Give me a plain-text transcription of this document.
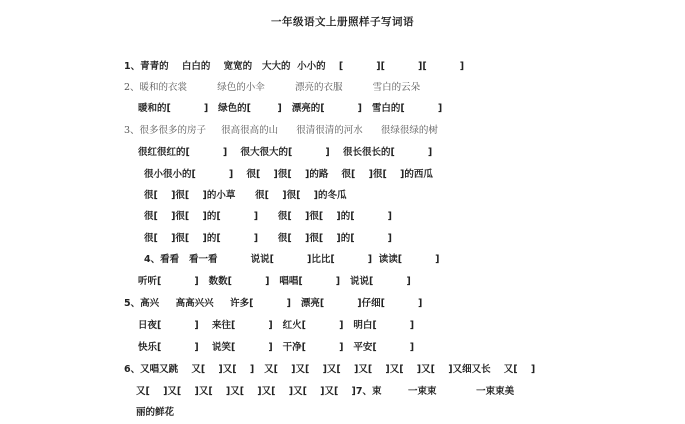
一年级语文上册照样子写词语
1、青青的    白白的    宽宽的   大大的  小小的    [          ][          ][          ]
2、暖和的衣裳          绿色的小伞          漂亮的衣服          雪白的云朵
暖和的[          ]   绿色的[        ]   漂亮的[          ]   雪白的[          ]
3、很多很多的房子     很高很高的山      很清很清的河水      很绿很绿的树
很红很红的[          ]    很大很大的[          ]    很长很长的[          ]
很小很小的[          ]    很[    ]很[    ]的路    很[    ]很[    ]的西瓜
很[    ]很[    ]的小草      很[    ]很[    ]的冬瓜
很[    ]很[    ]的[          ]      很[    ]很[    ]的[          ]
很[    ]很[    ]的[          ]      很[    ]很[    ]的[          ]
4、看看   看一看          说说[          ]比比[          ]  读读[          ]
听听[          ]   数数[          ]   唱唱[          ]   说说[          ]
5、高兴     高高兴兴     许多[          ]   漂亮[          ]仔细[          ]
日夜[          ]    来往[          ]   红火[          ]   明白[          ]
快乐[          ]    说笑[          ]   干净[          ]   平安[          ]
6、又唱又跳    又[    ]又[    ]   又[    ]又[    ]又[    ]又[    ]又[    ]又[    ]又细又长    又[    ]
又[    ]又[    ]又[    ]又[    ]又[    ]又[    ]又[    ]7、束        一束束            一束束美
丽的鲜花
